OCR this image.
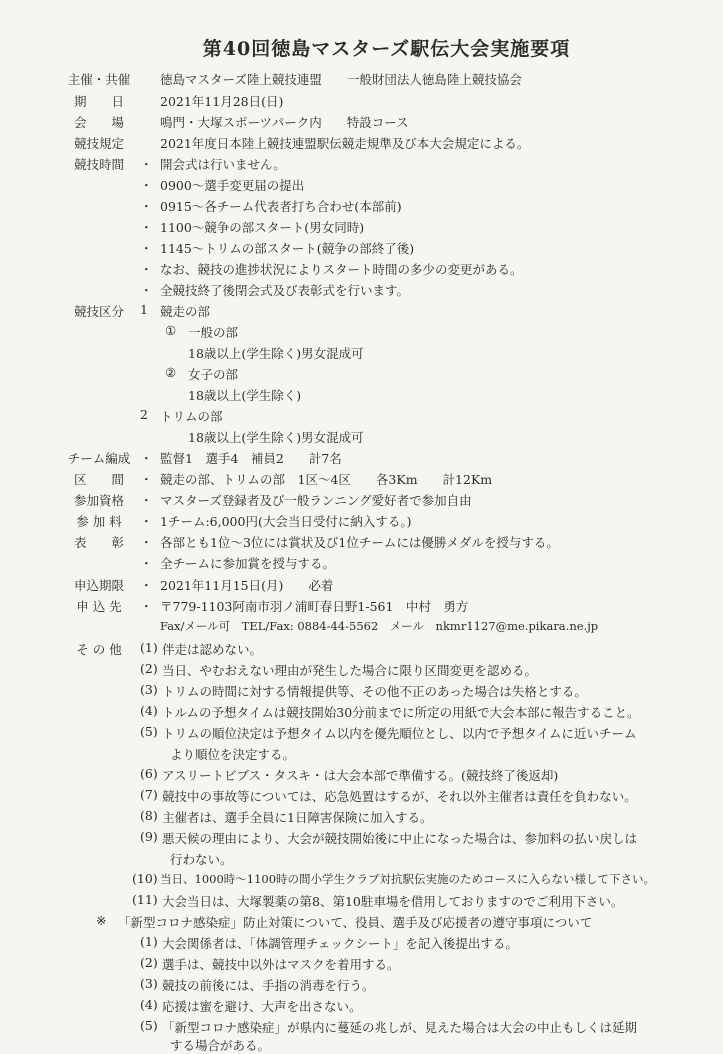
第40回徳島マスターズ駅伝大会実施要項
主催・共催	徳島マスターズ陸上競技連盟　　一般財団法人徳島陸上競技協会
期　　日	2021年11月28日(日)
会　　場	鳴門・大塚スポーツパーク内　　特設コース
競技規定	2021年度日本陸上競技連盟駅伝競走規準及び本大会規定による。
競技時間	・ 開会式は行いません。
・ 0900～選手変更届の提出
・ 0915～各チーム代表者打ち合わせ(本部前)
・ 1100～競争の部スタート(男女同時)
・ 1145～トリムの部スタート(競争の部終了後)
・ なお、競技の進捗状況によりスタート時間の多少の変更がある。
・ 全競技終了後閉会式及び表彰式を行います。
競技区分	1 競走の部
① 一般の部
18歳以上(学生除く)男女混成可
② 女子の部
18歳以上(学生除く)
2 トリムの部
18歳以上(学生除く)男女混成可
チーム編成 ・ 監督1　選手4　補員2　　計7名
区　　間	・ 競走の部、トリムの部　1区～4区　　各3Km　　計12Km
参加資格	・ マスターズ登録者及び一般ランニング愛好者で参加自由
参 加 料	・ 1チーム:6,000円(大会当日受付に納入する。)
表　　彰	・ 各部とも1位～3位には賞状及び1位チームには優勝メダルを授与する。
・ 全チームに参加賞を授与する。
申込期限	・ 2021年11月15日(月)　　必着
申 込 先	・ 〒779-1103阿南市羽ノ浦町春日野1-561　中村　勇方
Fax/メール可　TEL/Fax: 0884-44-5562　メール　nkmr1127@me.pikara.ne.jp
そ の 他	(1) 伴走は認めない。
(2) 当日、やむおえない理由が発生した場合に限り区間変更を認める。
(3) トリムの時間に対する情報提供等、その他不正のあった場合は失格とする。
(4) トルムの予想タイムは競技開始30分前までに所定の用紙で大会本部に報告すること。
(5) トリムの順位決定は予想タイム以内を優先順位とし、以内で予想タイムに近いチーム
より順位を決定する。
(6) アスリートビブス・タスキ・は大会本部で準備する。(競技終了後返却)
(7) 競技中の事故等については、応急処置はするが、それ以外主催者は責任を負わない。
(8) 主催者は、選手全員に1日障害保険に加入する。
(9) 悪天候の理由により、大会が競技開始後に中止になった場合は、参加料の払い戻しは
行わない。
(10) 当日、1000時～1100時の間小学生クラブ対抗駅伝実施のためコースに入らない様して下さい。
(11) 大会当日は、大塚製薬の第8、第10駐車場を借用しておりますのでご利用下さい。
※ 「新型コロナ感染症」防止対策について、役員、選手及び応援者の遵守事項について
(1) 大会関係者は、「体調管理チェックシート」を記入後提出する。
(2) 選手は、競技中以外はマスクを着用する。
(3) 競技の前後には、手指の消毒を行う。
(4) 応援は蜜を避け、大声を出さない。
(5) 「新型コロナ感染症」が県内に蔓延の兆しが、見えた場合は大会の中止もしくは延期
する場合がある。
